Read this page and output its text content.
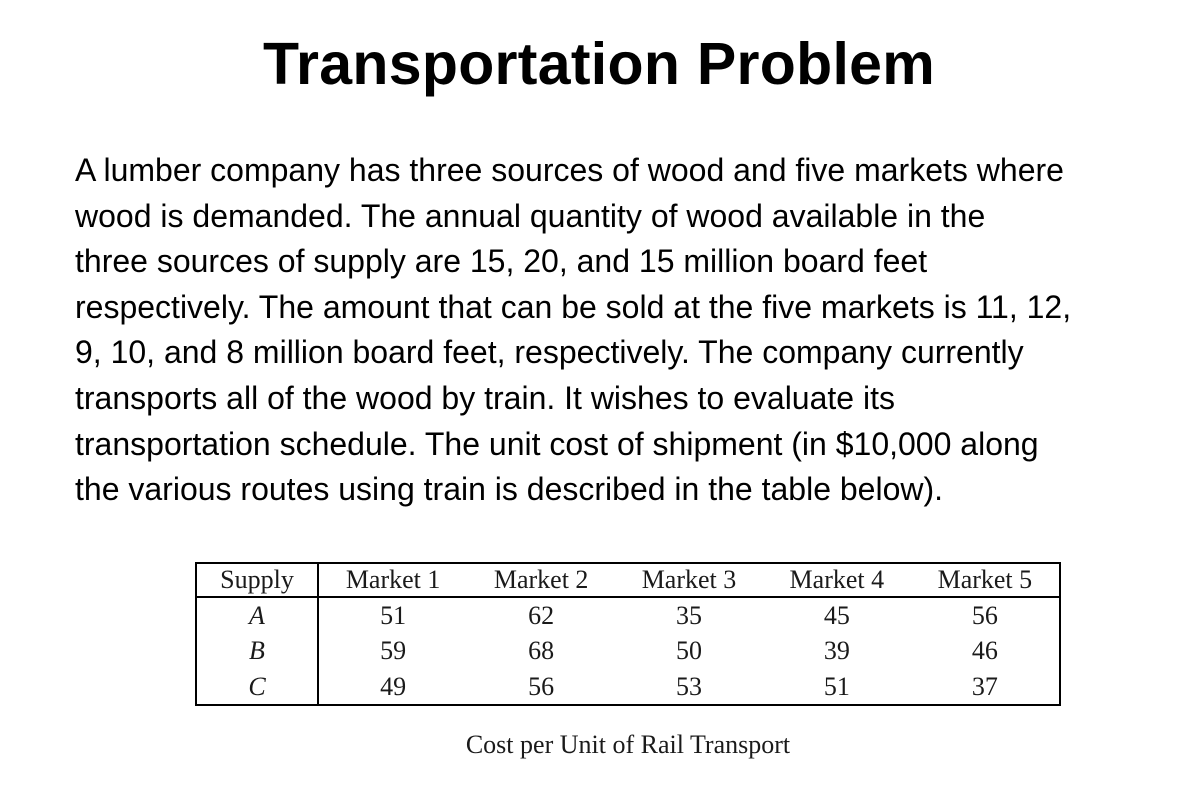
Transportation Problem

A lumber company has three sources of wood and five markets where
wood is demanded. The annual quantity of wood available in the
three sources of supply are 15, 20, and 15 million board feet
respectively. The amount that can be sold at the five markets is 11, 12,
9, 10, and 8 million board feet, respectively. The company currently
transports all of the wood by train. It wishes to evaluate its
transportation schedule. The unit cost of shipment (in $10,000 along
the various routes using train is described in the table below).

Supply	Market 1	Market 2	Market 3	Market 4	Market 5
A	51	62	35	45	56
B	59	68	50	39	46
C	49	56	53	51	37

Cost per Unit of Rail Transport
